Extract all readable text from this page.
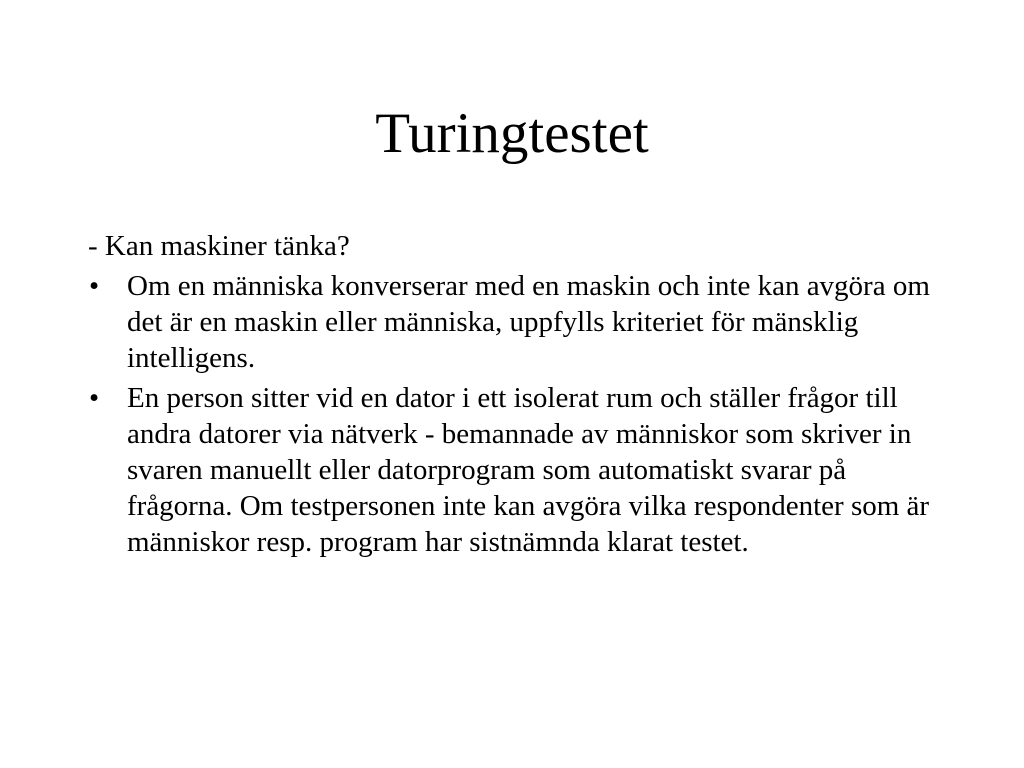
Turingtestet

- Kan maskiner tänka?

• Om en människa konverserar med en maskin och inte kan avgöra om det är en maskin eller människa, uppfylls kriteriet för mänsklig intelligens.
• En person sitter vid en dator i ett isolerat rum och ställer frågor till andra datorer via nätverk - bemannade av människor som skriver in svaren manuellt eller datorprogram som automatiskt svarar på frågorna. Om testpersonen inte kan avgöra vilka respondenter som är människor resp. program har sistnämnda klarat testet.
